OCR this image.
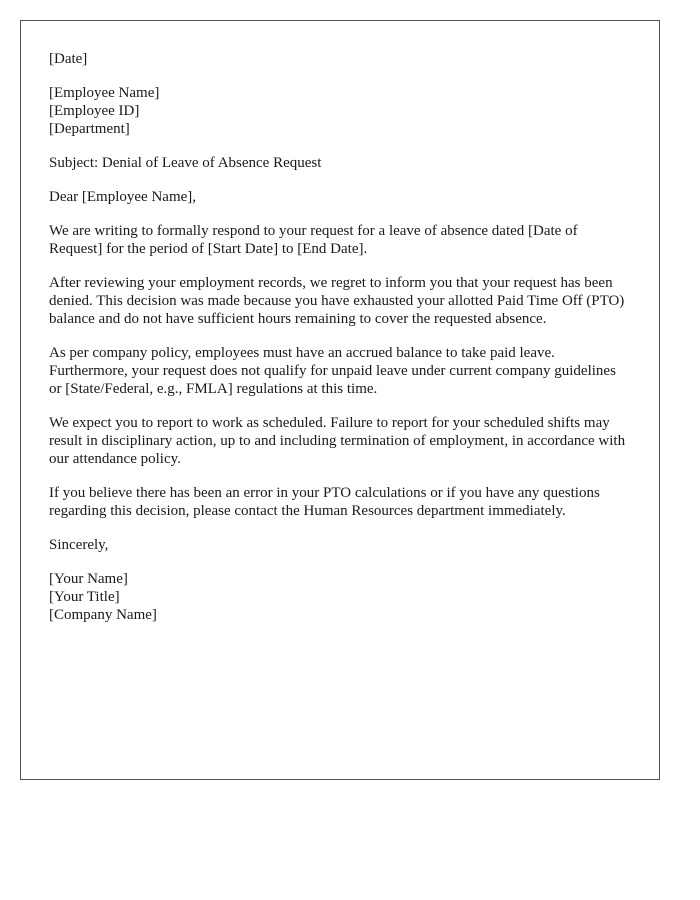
[Date]
[Employee Name]
[Employee ID]
[Department]
Subject: Denial of Leave of Absence Request
Dear [Employee Name],

We are writing to formally respond to your request for a leave of absence dated [Date of Request] for the period of [Start Date] to [End Date].

After reviewing your employment records, we regret to inform you that your request has been denied. This decision was made because you have exhausted your allotted Paid Time Off (PTO) balance and do not have sufficient hours remaining to cover the requested absence.

As per company policy, employees must have an accrued balance to take paid leave. Furthermore, your request does not qualify for unpaid leave under current company guidelines or [State/Federal, e.g., FMLA] regulations at this time.

We expect you to report to work as scheduled. Failure to report for your scheduled shifts may result in disciplinary action, up to and including termination of employment, in accordance with our attendance policy.

If you believe there has been an error in your PTO calculations or if you have any questions regarding this decision, please contact the Human Resources department immediately.

Sincerely,
[Your Name]
[Your Title]
[Company Name]
